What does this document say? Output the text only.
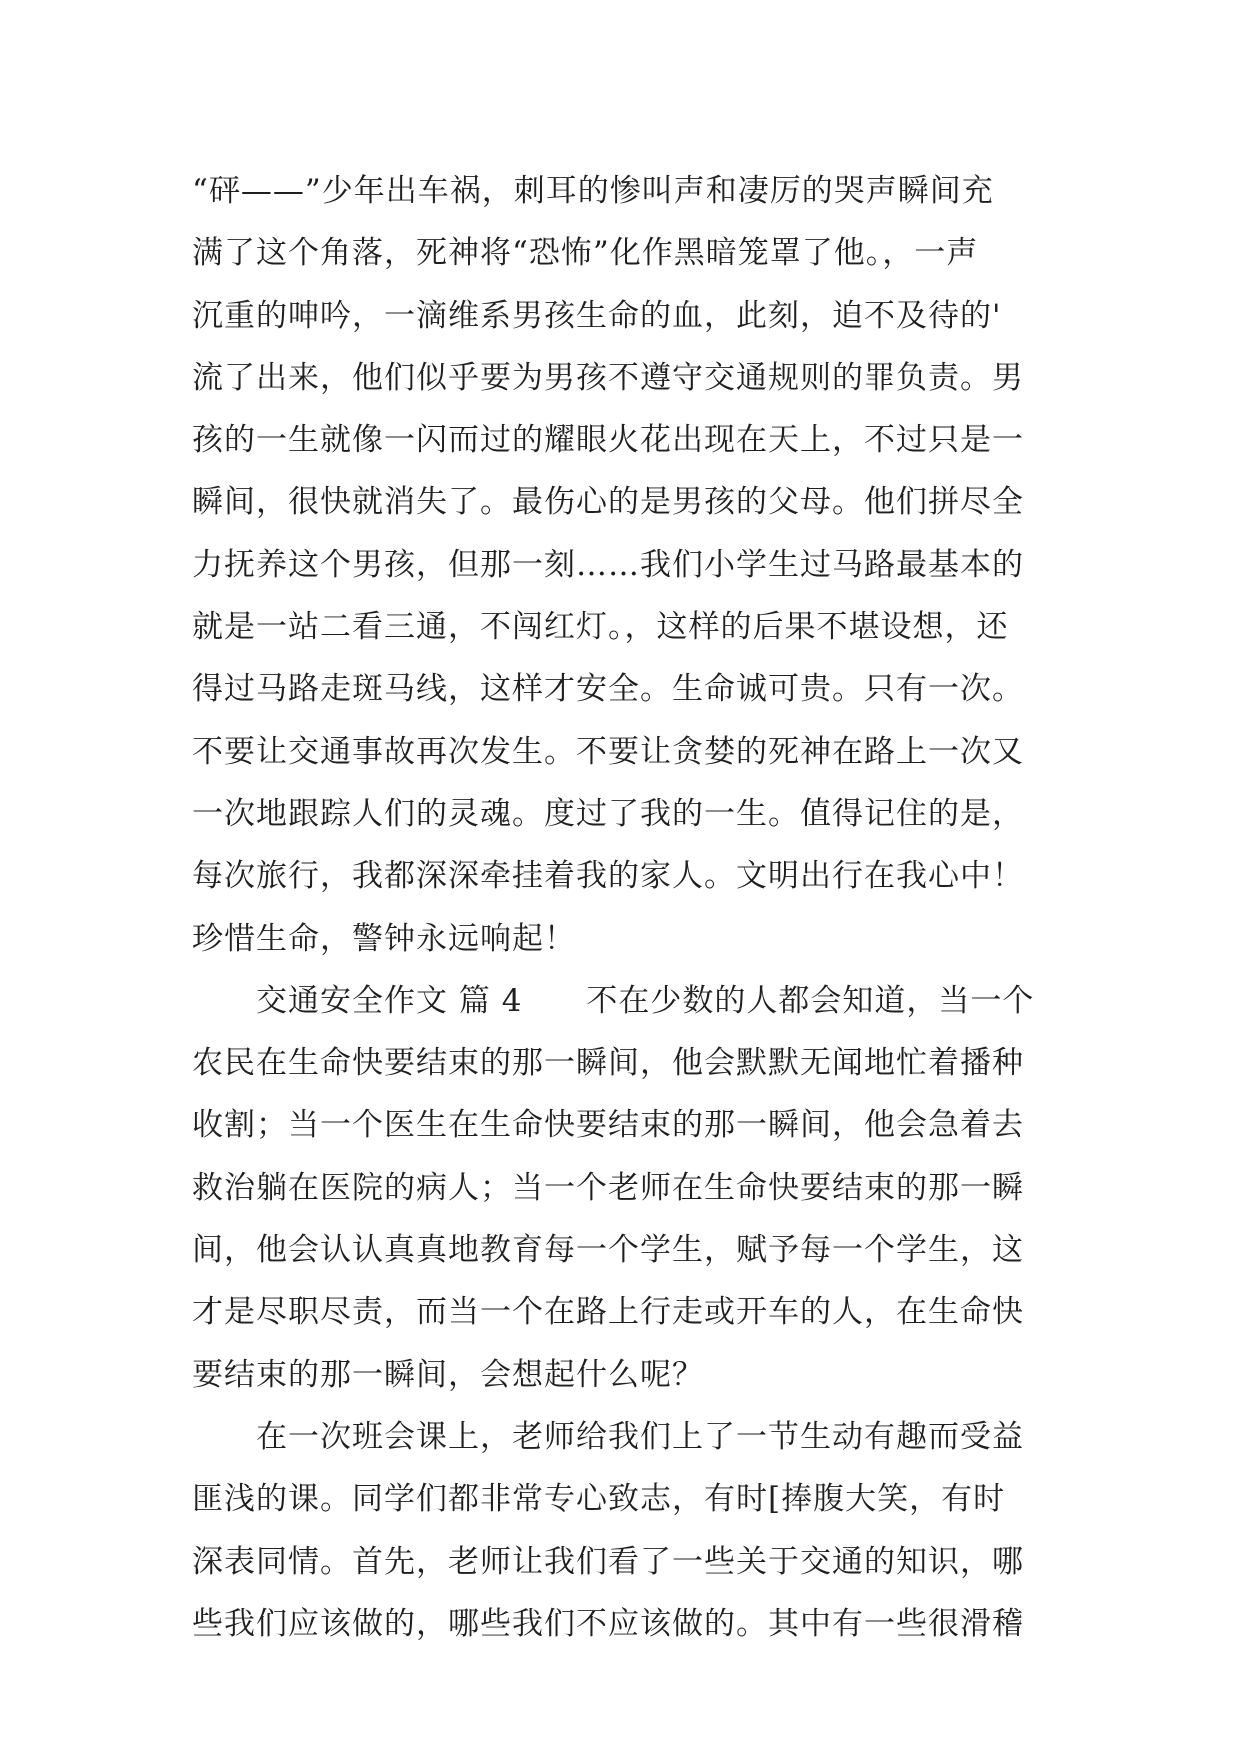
“砰——”少年出车祸，刺耳的惨叫声和凄厉的哭声瞬间充
满了这个角落，死神将“恐怖”化作黑暗笼罩了他。，一声
沉重的呻吟，一滴维系男孩生命的血，此刻，迫不及待的'
流了出来，他们似乎要为男孩不遵守交通规则的罪负责。男
孩的一生就像一闪而过的耀眼火花出现在天上，不过只是一
瞬间，很快就消失了。最伤心的是男孩的父母。他们拼尽全
力抚养这个男孩，但那一刻……我们小学生过马路最基本的
就是一站二看三通，不闯红灯。，这样的后果不堪设想，还
得过马路走斑马线，这样才安全。生命诚可贵。只有一次。
不要让交通事故再次发生。不要让贪婪的死神在路上一次又
一次地跟踪人们的灵魂。度过了我的一生。值得记住的是，
每次旅行，我都深深牵挂着我的家人。文明出行在我心中！
珍惜生命，警钟永远响起！
　　交通安全作文 篇 4　　不在少数的人都会知道，当一个
农民在生命快要结束的那一瞬间，他会默默无闻地忙着播种
收割；当一个医生在生命快要结束的那一瞬间，他会急着去
救治躺在医院的病人；当一个老师在生命快要结束的那一瞬
间，他会认认真真地教育每一个学生，赋予每一个学生，这
才是尽职尽责，而当一个在路上行走或开车的人，在生命快
要结束的那一瞬间，会想起什么呢？
　　在一次班会课上，老师给我们上了一节生动有趣而受益
匪浅的课。同学们都非常专心致志，有时[捧腹大笑，有时
深表同情。首先，老师让我们看了一些关于交通的知识，哪
些我们应该做的，哪些我们不应该做的。其中有一些很滑稽
